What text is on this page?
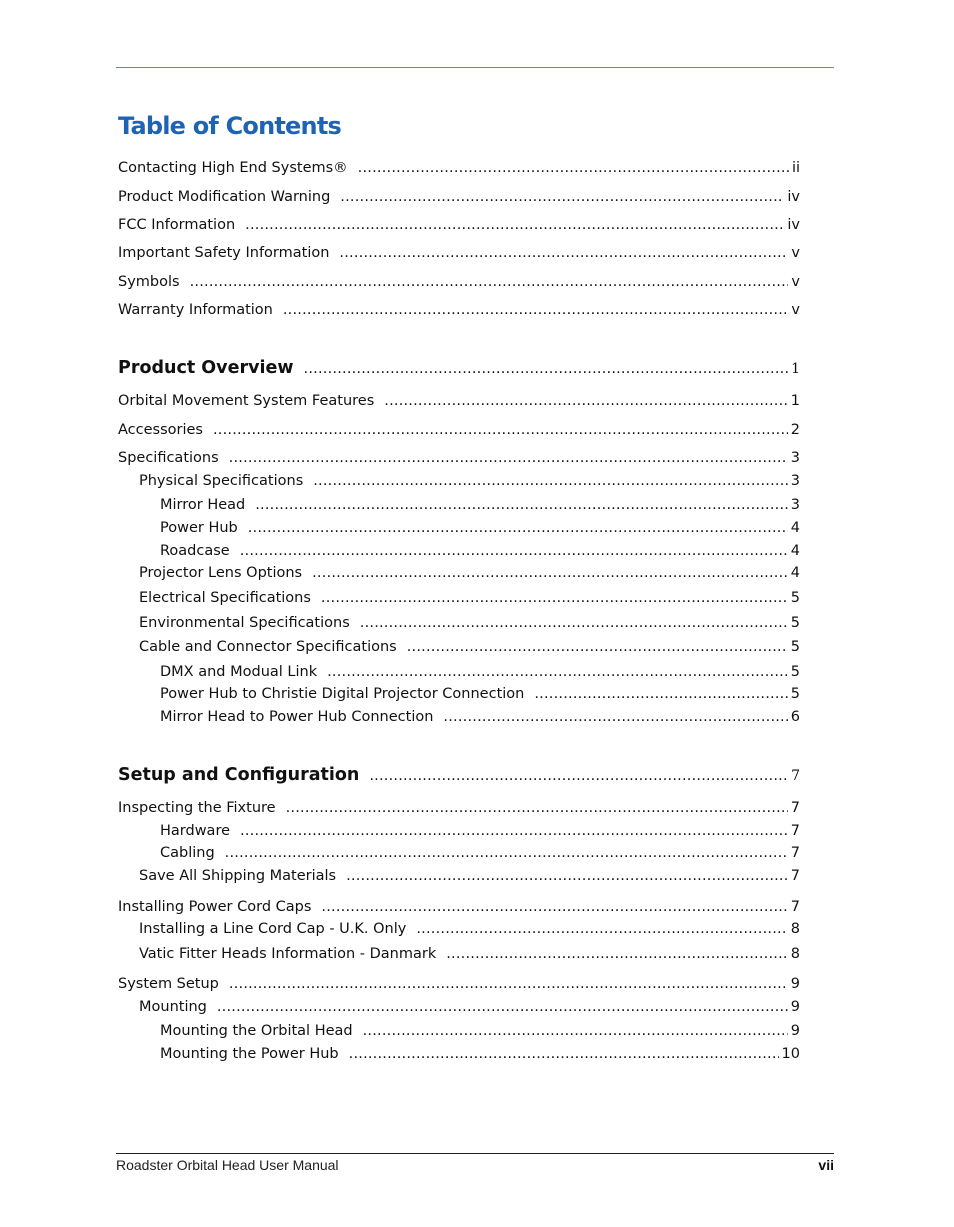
Table of Contents
Contacting High End Systems® .....	ii
Product Modification Warning .....	iv
FCC Information .....	iv
Important Safety Information .....	v
Symbols .....	v
Warranty Information .....	v
Product Overview .....	1
Orbital Movement System Features .....	1
Accessories .....	2
Specifications .....	3
Physical Specifications .....	3
Mirror Head .....	3
Power Hub .....	4
Roadcase .....	4
Projector Lens Options .....	4
Electrical Specifications .....	5
Environmental Specifications .....	5
Cable and Connector Specifications .....	5
DMX and Modual Link .....	5
Power Hub to Christie Digital Projector Connection .....	5
Mirror Head to Power Hub Connection .....	6
Setup and Configuration .....	7
Inspecting the Fixture .....	7
Hardware .....	7
Cabling .....	7
Save All Shipping Materials .....	7
Installing Power Cord Caps .....	7
Installing a Line Cord Cap - U.K. Only .....	8
Vatic Fitter Heads Information - Danmark .....	8
System Setup .....	9
Mounting .....	9
Mounting the Orbital Head .....	9
Mounting the Power Hub .....	10
Roadster Orbital Head User Manual	vii
